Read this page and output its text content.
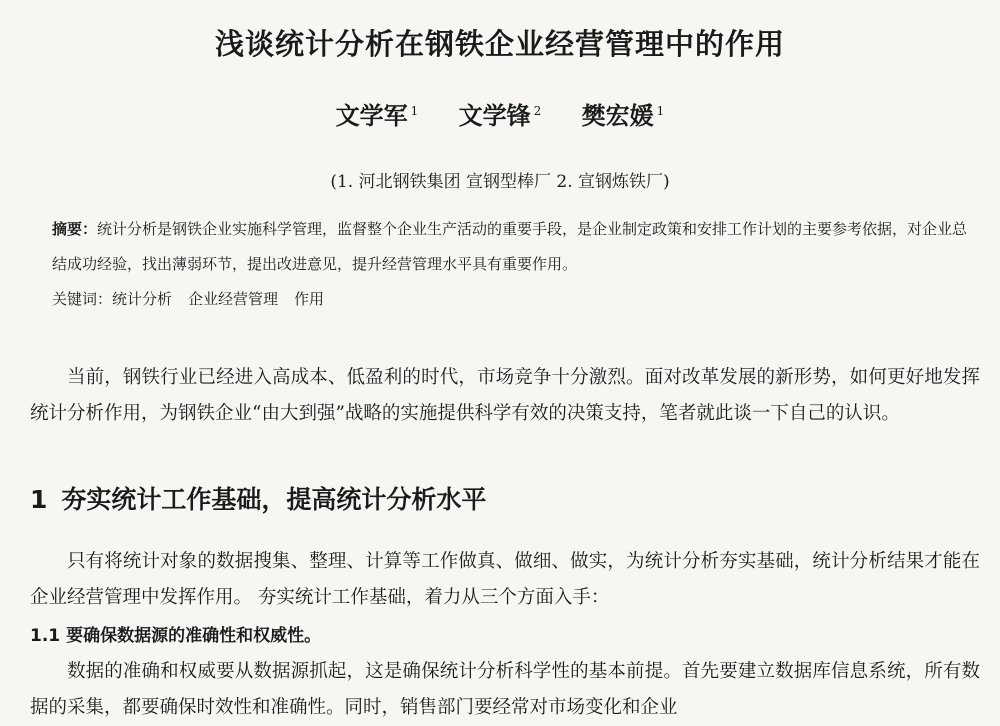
浅谈统计分析在钢铁企业经营管理中的作用
文学军 $^1$ 文学锋 $^2$ 樊宏媛 $^1$
(1. 河北钢铁集团 宣钢型棒厂 2. 宣钢炼铁厂)
摘要：统计分析是钢铁企业实施科学管理，监督整个企业生产活动的重要手段，是企业制定政策和安排工作计划的主要参考依据，对企业总结成功经验，找出薄弱环节，提出改进意见，提升经营管理水平具有重要作用。
关键词：统计分析 企业经营管理 作用
当前，钢铁行业已经进入高成本、低盈利的时代，市场竞争十分激烈。面对改革发展的新形势，如何更好地发挥统计分析作用，为钢铁企业“由大到强”战略的实施提供科学有效的决策支持，笔者就此谈一下自己的认识。
1 夯实统计工作基础，提高统计分析水平
只有将统计对象的数据搜集、整理、计算等工作做真、做细、做实，为统计分析夯实基础，统计分析结果才能在企业经营管理中发挥作用。 夯实统计工作基础，着力从三个方面入手：
1.1 要确保数据源的准确性和权威性。
数据的准确和权威要从数据源抓起，这是确保统计分析科学性的基本前提。首先要建立数据库信息系统，所有数据的采集，都要确保时效性和准确性。同时，销售部门要经常对市场变化和企业
